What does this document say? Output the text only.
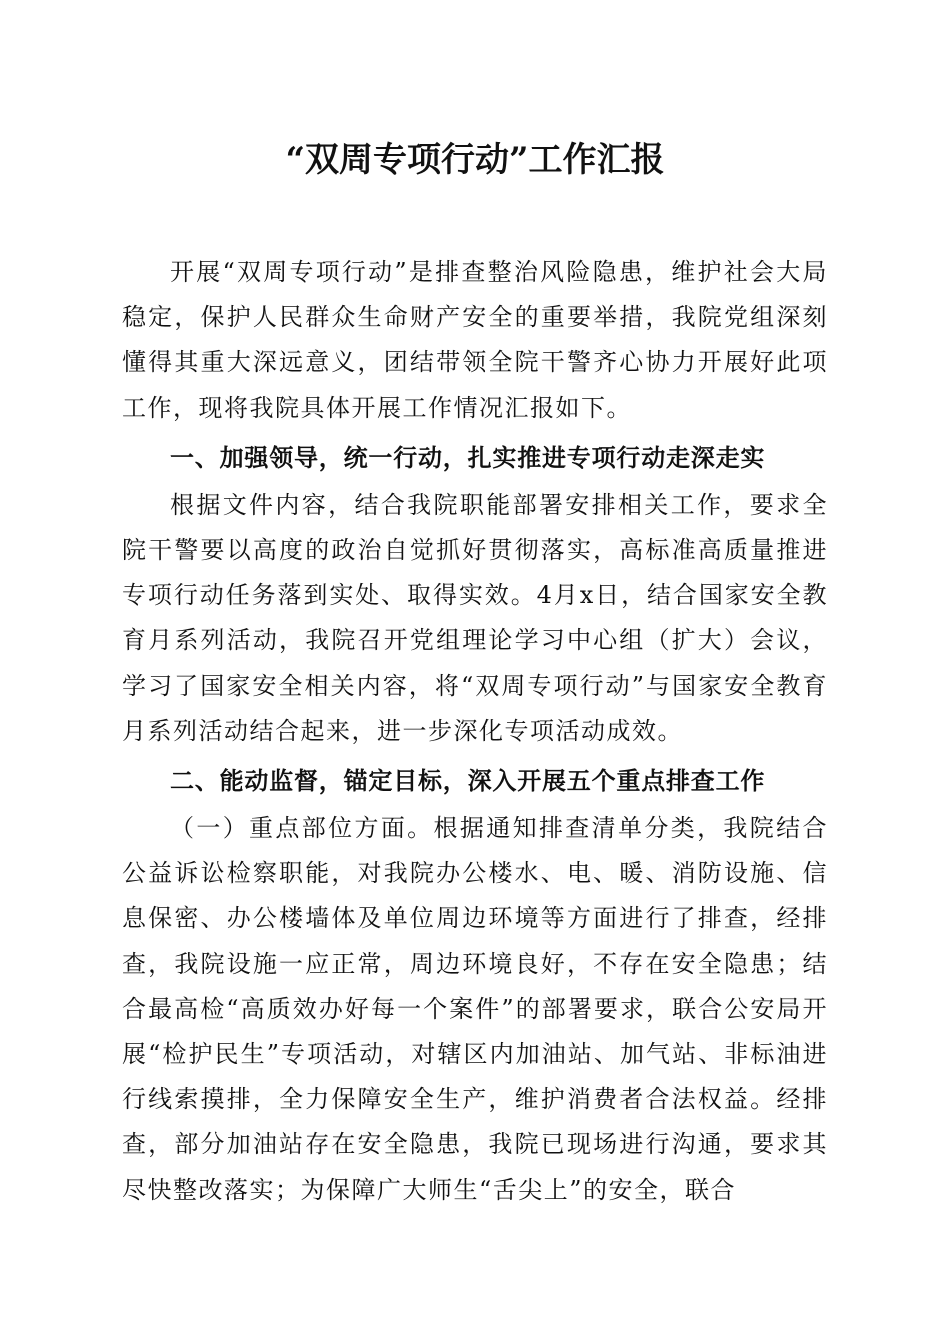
“双周专项行动”工作汇报

开展“双周专项行动”是排查整治风险隐患，维护社会大局稳定，保护人民群众生命财产安全的重要举措，我院党组深刻懂得其重大深远意义，团结带领全院干警齐心协力开展好此项工作，现将我院具体开展工作情况汇报如下。

一、加强领导，统一行动，扎实推进专项行动走深走实

根据文件内容，结合我院职能部署安排相关工作，要求全院干警要以高度的政治自觉抓好贯彻落实，高标准高质量推进专项行动任务落到实处、取得实效。4月x日，结合国家安全教育月系列活动，我院召开党组理论学习中心组（扩大）会议，学习了国家安全相关内容，将“双周专项行动”与国家安全教育月系列活动结合起来，进一步深化专项活动成效。

二、能动监督，锚定目标，深入开展五个重点排查工作

（一）重点部位方面。根据通知排查清单分类，我院结合公益诉讼检察职能，对我院办公楼水、电、暖、消防设施、信息保密、办公楼墙体及单位周边环境等方面进行了排查，经排查，我院设施一应正常，周边环境良好，不存在安全隐患；结合最高检“高质效办好每一个案件”的部署要求，联合公安局开展“检护民生”专项活动，对辖区内加油站、加气站、非标油进行线索摸排，全力保障安全生产，维护消费者合法权益。经排查，部分加油站存在安全隐患，我院已现场进行沟通，要求其尽快整改落实；为保障广大师生“舌尖上”的安全，联合
